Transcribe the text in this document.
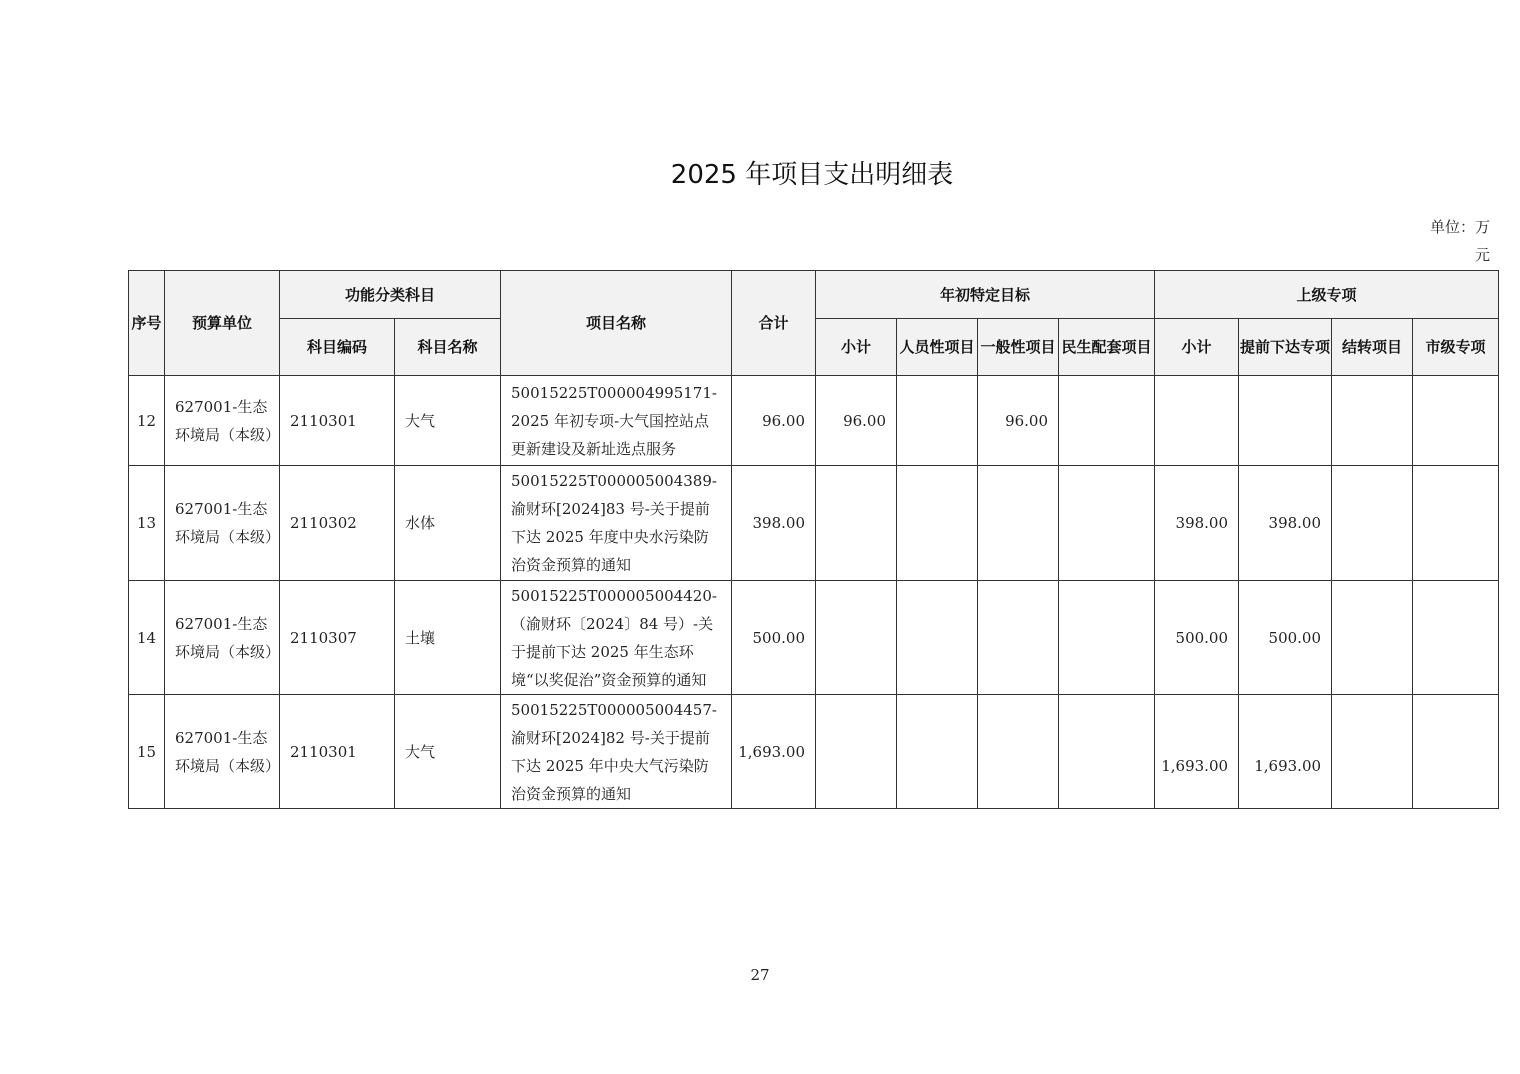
2025 年项目支出明细表
单位：万元
序号	预算单位	功能分类科目		项目名称	合计	年初特定目标				上级专项			
		科目编码	科目名称			小计	人员性项目	一般性项目	民生配套项目	小计	提前下达专项	结转项目	市级专项
12	627001-生态环境局（本级）	2110301	大气	50015225T000004995171-2025 年初专项-大气国控站点更新建设及新址选点服务	96.00	96.00		96.00					
13	627001-生态环境局（本级）	2110302	水体	50015225T000005004389-渝财环[2024]83 号-关于提前下达 2025 年度中央水污染防治资金预算的通知	398.00					398.00	398.00		
14	627001-生态环境局（本级）	2110307	土壤	50015225T000005004420-（渝财环〔2024〕84 号）-关于提前下达 2025 年生态环境“以奖促治”资金预算的通知	500.00					500.00	500.00		
15	627001-生态环境局（本级）	2110301	大气	50015225T000005004457-渝财环[2024]82 号-关于提前下达 2025 年中央大气污染防治资金预算的通知	1,693.00					1,693.00	1,693.00		
27
